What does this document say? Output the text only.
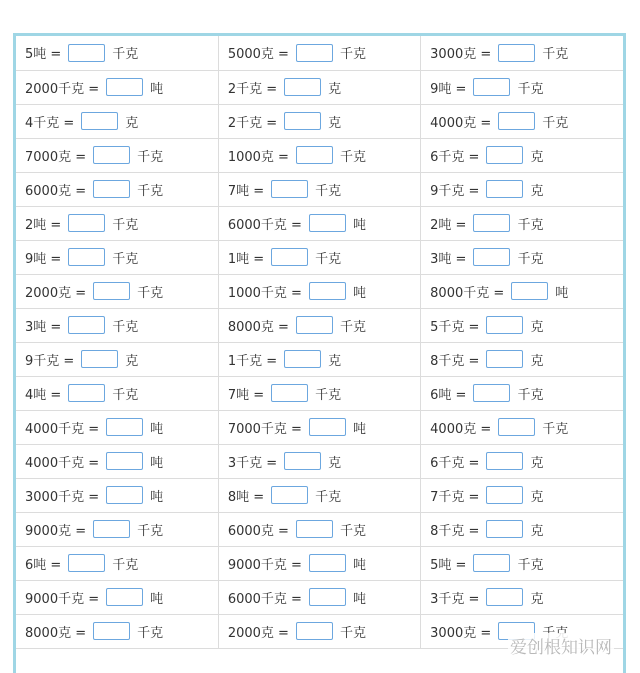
5吨 = 千克	5000克 = 千克	3000克 = 千克
2000千克 = 吨	2千克 = 克	9吨 = 千克
4千克 = 克	2千克 = 克	4000克 = 千克
7000克 = 千克	1000克 = 千克	6千克 = 克
6000克 = 千克	7吨 = 千克	9千克 = 克
2吨 = 千克	6000千克 = 吨	2吨 = 千克
9吨 = 千克	1吨 = 千克	3吨 = 千克
2000克 = 千克	1000千克 = 吨	8000千克 = 吨
3吨 = 千克	8000克 = 千克	5千克 = 克
9千克 = 克	1千克 = 克	8千克 = 克
4吨 = 千克	7吨 = 千克	6吨 = 千克
4000千克 = 吨	7000千克 = 吨	4000克 = 千克
4000千克 = 吨	3千克 = 克	6千克 = 克
3000千克 = 吨	8吨 = 千克	7千克 = 克
9000克 = 千克	6000克 = 千克	8千克 = 克
6吨 = 千克	9000千克 = 吨	5吨 = 千克
9000千克 = 吨	6000千克 = 吨	3千克 = 克
8000克 = 千克	2000克 = 千克	3000克 =
爱创根知识网
